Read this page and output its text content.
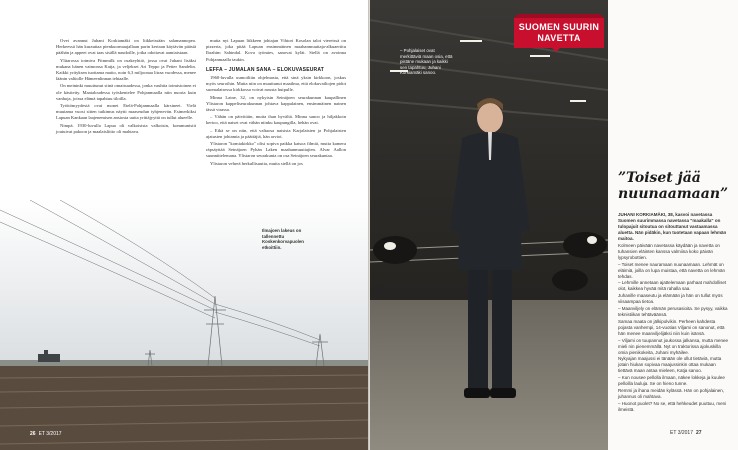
Ovet avannut Juhani Korkiamäki on liikkeissään salamannopea. Herkeessä hän kurauttaa pienkuormaajallaan parin kertaan käytävän päästä päähän ja appeet ovat taas sisällä naudoille, jotka odottavat aamiaistaan.

Ylitarossa toimiva Fitmmilk on osakeyhtiö, jossa ovat Juhani lisäksi mukana hänen vaimonsa Katja, ja veljekset Ari Teppo ja Petter Sandelin. Kaikki yrityksen tuottama maito, noin 6,3 miljoonaa litraa vuodessa, menee läänin valtiolle Hämeenlinnan tehtaalle.

On meininki muuttunut siinä omaisuudessa, jonka vauhtia toimistoinen ei ole käsitetty. Maataloudessa työskentelee Pohjanmaalla niin nuoria kuin vanhoja, joissa elämä tapahtuu tiloilla.

Työttömyydestä ovat monet Etelä-Pohjanmaalla kärsineet. Vielä muutama vuosi sitten tutkimus näytti maaseudun tyhjenevän. Esimerkiksi Lapuan Kankaan laajenemisen ansiosta uutta yrittäjyyttä on tullut alueelle.

Nimpä. 1930-luvulla Lapua oli valkoisista valkoisin, kommunistit joutuivat pakoon ja maalaisliitto oli mahtava.

mutta nyt Lapuan liikkeen johtajan Vihtori Kosolan talot viereissä on pizzeria, joka pitää Lapuan ensimmäinen maahanmuuttaja-alkuaeriitu Ibrahim Sahindal. Kova työmies, sanovat kylät. Siellä on avoinna Pohjanmaalla taukin.

LEFFA – JUMALAN SANA – ELOKUVASEURAT

1960-luvulla uumoiltiin ohjelmasta, että sinä yksin kirkkoon, joskus myös seuroihin. Mutta niin on muuttunut maailma, että elokuvailtojen pidot suomalaisessa kirkkossa voivat nousta huipulle.

Minna Laine, 32, on nykyisin Seinäjoen seurakunnan kaupallinen Ylistaron kappeliseurakunnan johtava kappalainen, ensimmäinen nainen tässä virassa.

– Vähän on päivittäin, mutta ihan hyvältä. Minna sanoo ja hiljakkoin kertoo, että naiset ovat vähän niinku kaupungilla, hehän ovat.

– Eikä se on niin, että valtaosa naisista Karjalaisten ja Pohjalaisten ajatusten johtamia ja päättäjiä, hän arvioi.

Ylistaron "komiakirkko" olisi sopiva paikka katsoa filmiä, mutta kamera räpsäyttää Seinäjoen Pyhän Laken maahanmuuttajien. Alvar Aallon suunnittelemana. Ylistaron seurakunta on osa Seinäjoen seurakuntaa.

Ylistaron vehreä herkullisuutta, mutta siellä on jos

Ilmajoen lakeus on tallennettu Koskenkorvapuolen etkoittiin.
26 ET 3/2017
– Pohjalaiset ovat merkittäviä maan osia, että pistäne mukaan ja kaikki sen tapahtuu, Juhani Korkiamäki sanoo.
SUOMEN SUURIN NAVETTA
”Toiset jää nuunaamaan”

JUHANI KORKIAMÄKI, 38, kasvoi navetassa Suomen suurimmassa navetassa "maakalla" on tulopajuit sitoutua on sitouttanut vastaamassa aluetta. Nän pidäkin, kun tuotetaan vapaan lehmän maitoa.

Kolmeen päivään navetassa käydään ja navetta on tuhansien eläinten kanssa valmiina koko päivän lypsyrobottien.

– Toiset menee nauramaan nuunaamaan. Lehmät on eläimiä, joilla on lupa muistaa, että navetta on lehmän tehdas.

– Lehmille annetaan ajattelemaan parhaat mahdolliset olot, kaikkea hyvää mitä rahalla saa.

Juhanille maaseutu ja elämään ja hän on tullut myös viisaampaa tietoa.

– Maanviljely on elämän perusasioita. Se pysyy, vaikka teknistiikan tehtäväänsä.

Samaa maata on jälkipolvikin. Perheen kahdesta pojasta vanhempi, 14-vuotias Viljami on sanonut, että hän menee maanviljelijäksi niin kuin isänsä.

– Viljami on tuupannut joukossa jalkansa, mutta menee mieli nin pienemmällä. Nyt on traktorissa ajokuskilla omia pienikokeita, Juhani myhäilee.

Nykyajan maajussi ei tänään ole ollut tietäviä, mutta jotain hiukan sopivaa maajussinkin ottaa mukaan tiettävä maan antaa mieleen, Katja sanoo.

– Kun nousee pellolla ilmaan, näkee lokkeja ja kuulee pelloilla lauluja. Se on hieno tunne.

Remmi ja ihana meidän kylässä. Hän on pohjalainen, juhannus oli mahtava.

– Huonot puolet? No se, että hehkeudet puuttuu, meni ilmeistä.

ET 3/2017 27
